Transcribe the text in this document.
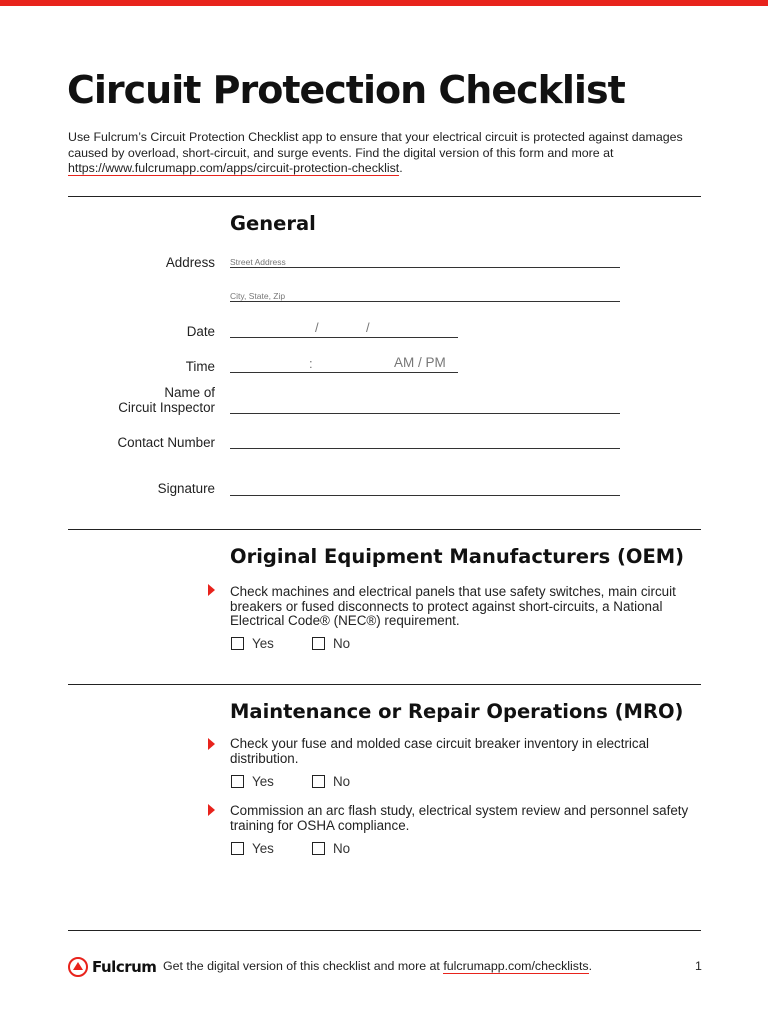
Circuit Protection Checklist

Use Fulcrum’s Circuit Protection Checklist app to ensure that your electrical circuit is protected against damages caused by overload, short-circuit, and surge events. Find the digital version of this form and more at https://www.fulcrumapp.com/apps/circuit-protection-checklist.

General
Address Street Address
City, State, Zip
Date	/	/
Time	:	AM / PM
Name of
Circuit Inspector
Contact Number
Signature
Original Equipment Manufacturers (OEM)

Check machines and electrical panels that use safety switches, main circuit breakers or fused disconnects to protect against short-circuits, a National Electrical Code® (NEC®) requirement.

Yes	No
Maintenance or Repair Operations (MRO)

Check your fuse and molded case circuit breaker inventory in electrical distribution.

Yes	No

Commission an arc flash study, electrical system review and personnel safety training for OSHA compliance.

Yes	No
Fulcrum Get the digital version of this checklist and more at fulcrumapp.com/checklists.	1
